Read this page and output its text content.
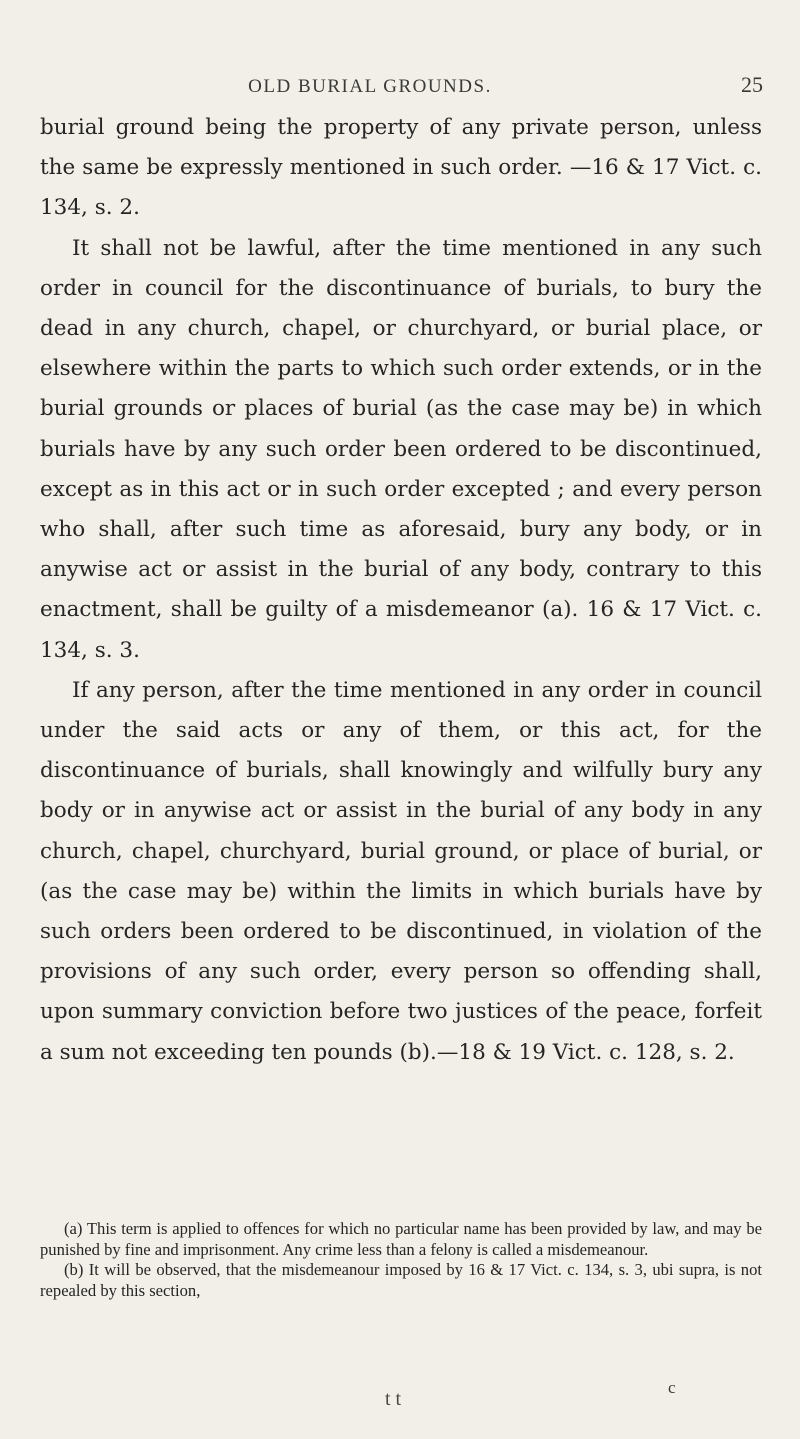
OLD BURIAL GROUNDS.	25

burial ground being the property of any private person, unless the same be expressly mentioned in such order. —16 & 17 Vict. c. 134, s. 2.

It shall not be lawful, after the time mentioned in any such order in council for the discontinuance of burials, to bury the dead in any church, chapel, or churchyard, or burial place, or elsewhere within the parts to which such order extends, or in the burial grounds or places of burial (as the case may be) in which burials have by any such order been ordered to be discontinued, except as in this act or in such order excepted ; and every person who shall, after such time as aforesaid, bury any body, or in anywise act or assist in the burial of any body, contrary to this enactment, shall be guilty of a misdemeanor (a). 16 & 17 Vict. c. 134, s. 3.

If any person, after the time mentioned in any order in council under the said acts or any of them, or this act, for the discontinuance of burials, shall knowingly and wilfully bury any body or in anywise act or assist in the burial of any body in any church, chapel, churchyard, burial ground, or place of burial, or (as the case may be) within the limits in which burials have by such orders been ordered to be discontinued, in violation of the provisions of any such order, every person so offending shall, upon summary conviction before two justices of the peace, forfeit a sum not exceeding ten pounds (b).—18 & 19 Vict. c. 128, s. 2.

(a) This term is applied to offences for which no particular name has been provided by law, and may be punished by fine and imprisonment. Any crime less than a felony is called a misdemeanour.

(b) It will be observed, that the misdemeanour imposed by 16 & 17 Vict. c. 134, s. 3, ubi supra, is not repealed by this section,

t t
c
